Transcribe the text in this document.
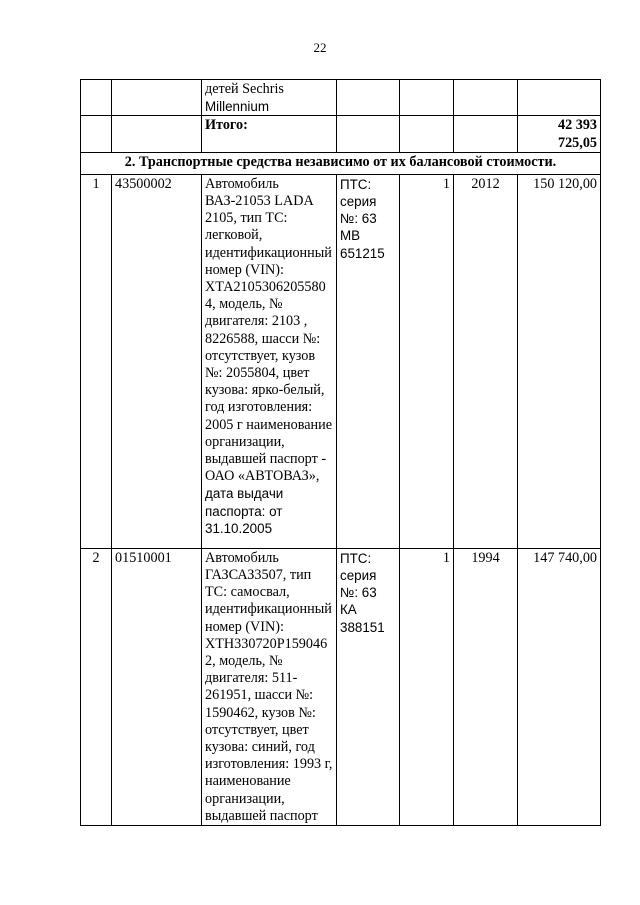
22

		детей Sechris
Millennium				

		Итого:				42 393
725,05

2. Транспортные средства независимо от их балансовой стоимости.						
1	43500002	Автомобиль ВАЗ-21053 LADA 2105, тип ТС: легковой, идентификационный номер (VIN): ХТА2105306205580 4, модель, № двигателя: 2103 , 8226588, шасси №: отсутствует, кузов №: 2055804, цвет кузова: ярко-белый, год изготовления: 2005 г наименование организации, выдавшей паспорт - ОАО «АВТОВАЗ»,
дата выдачи паспорта: от 31.10.2005	ПТС: серия №: 63 МВ 651215	1	2012	150 120,00
2	01510001	Автомобиль ГАЗСАЗ3507, тип ТС: самосвал, идентификационный номер (VIN): ХТН330720Р159046 2, модель, № двигателя: 511-261951, шасси №: 1590462, кузов №: отсутствует, цвет кузова: синий, год изготовления: 1993 г, наименование организации, выдавшей паспорт	ПТС: серия №: 63 КА 388151	1	1994	147 740,00
